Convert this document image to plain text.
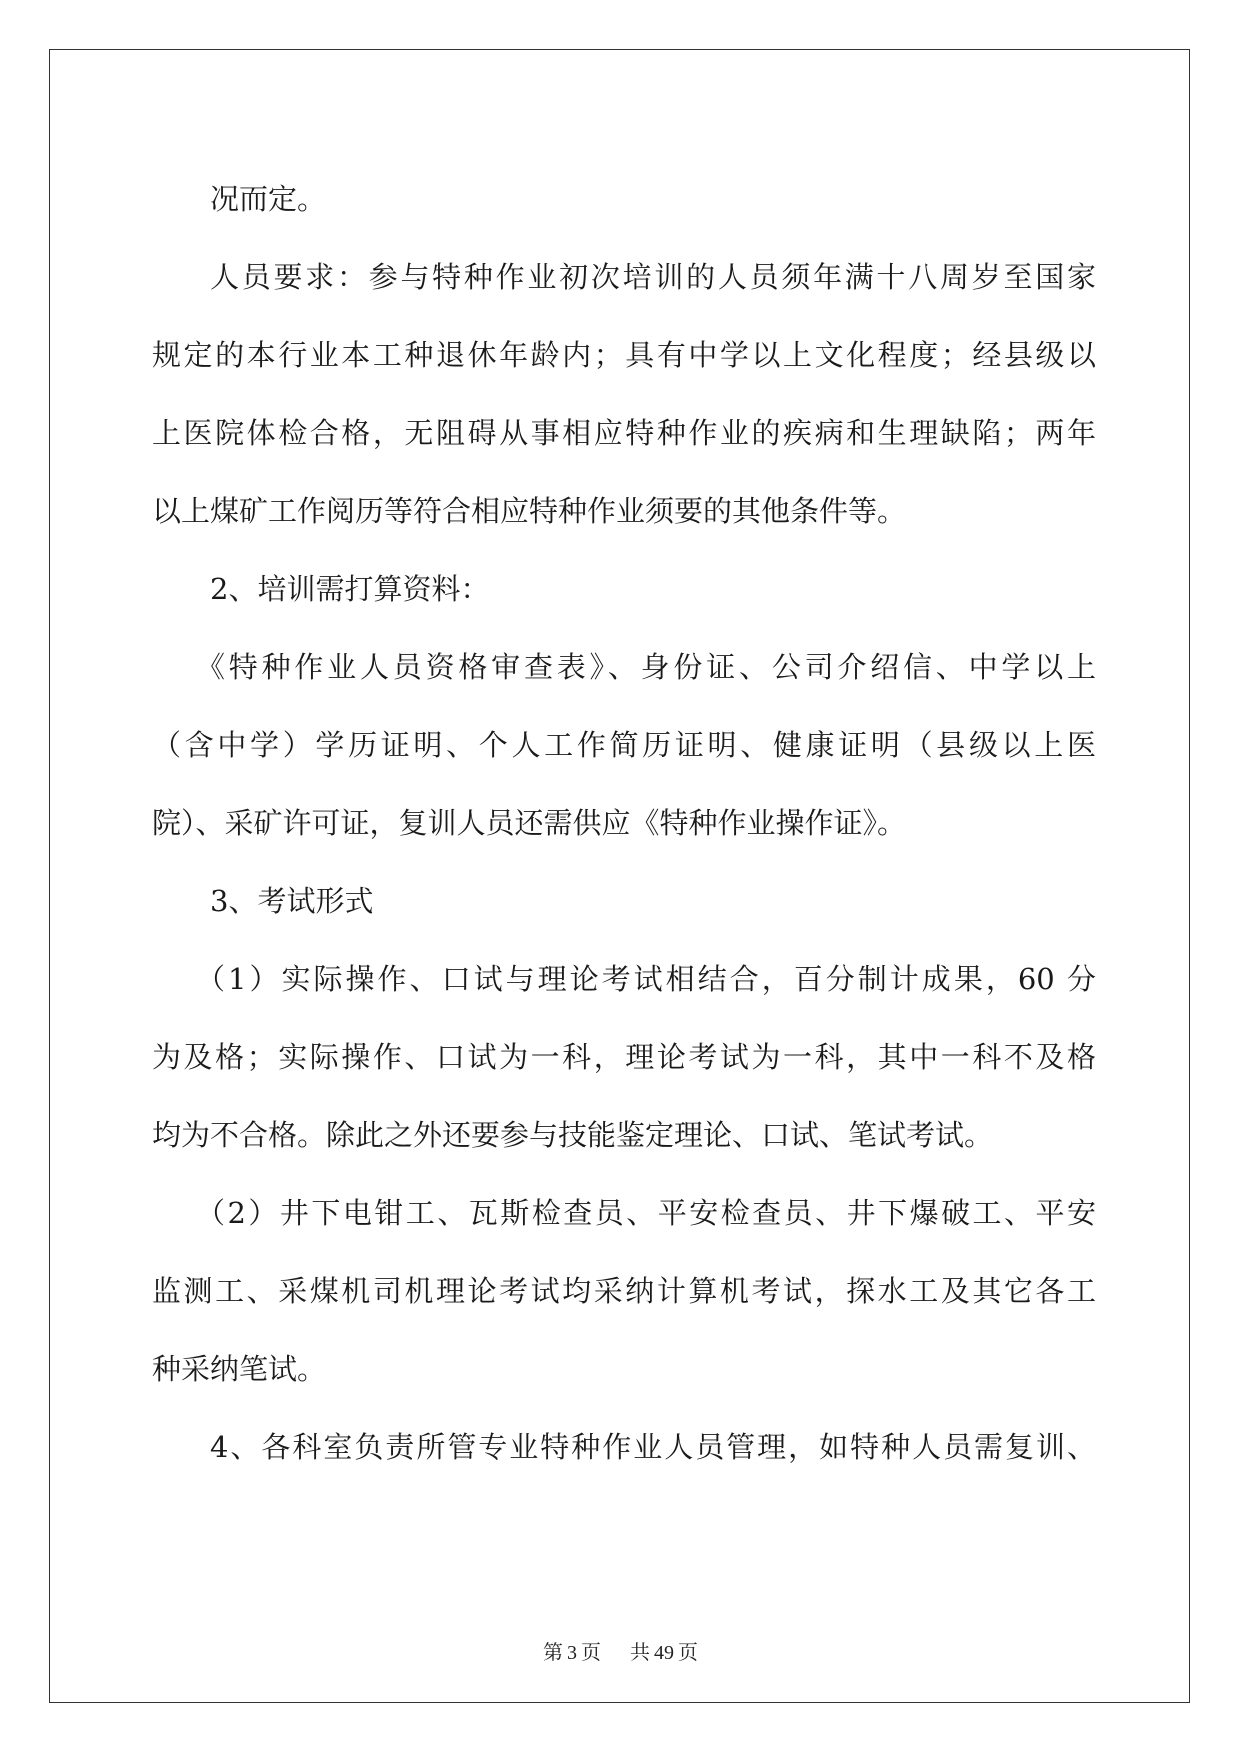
况而定。
人员要求：参与特种作业初次培训的人员须年满十八周岁至国家
规定的本行业本工种退休年龄内；具有中学以上文化程度；经县级以
上医院体检合格，无阻碍从事相应特种作业的疾病和生理缺陷；两年
以上煤矿工作阅历等符合相应特种作业须要的其他条件等。
2、培训需打算资料：
《特种作业人员资格审查表》、身份证、公司介绍信、中学以上
（含中学）学历证明、个人工作简历证明、健康证明（县级以上医
院）、采矿许可证，复训人员还需供应《特种作业操作证》。
3、考试形式
（1）实际操作、口试与理论考试相结合，百分制计成果，60 分
为及格；实际操作、口试为一科，理论考试为一科，其中一科不及格
均为不合格。除此之外还要参与技能鉴定理论、口试、笔试考试。
（2）井下电钳工、瓦斯检查员、平安检查员、井下爆破工、平安
监测工、采煤机司机理论考试均采纳计算机考试，探水工及其它各工
种采纳笔试。
4、各科室负责所管专业特种作业人员管理，如特种人员需复训、
第 3 页 共 49 页
